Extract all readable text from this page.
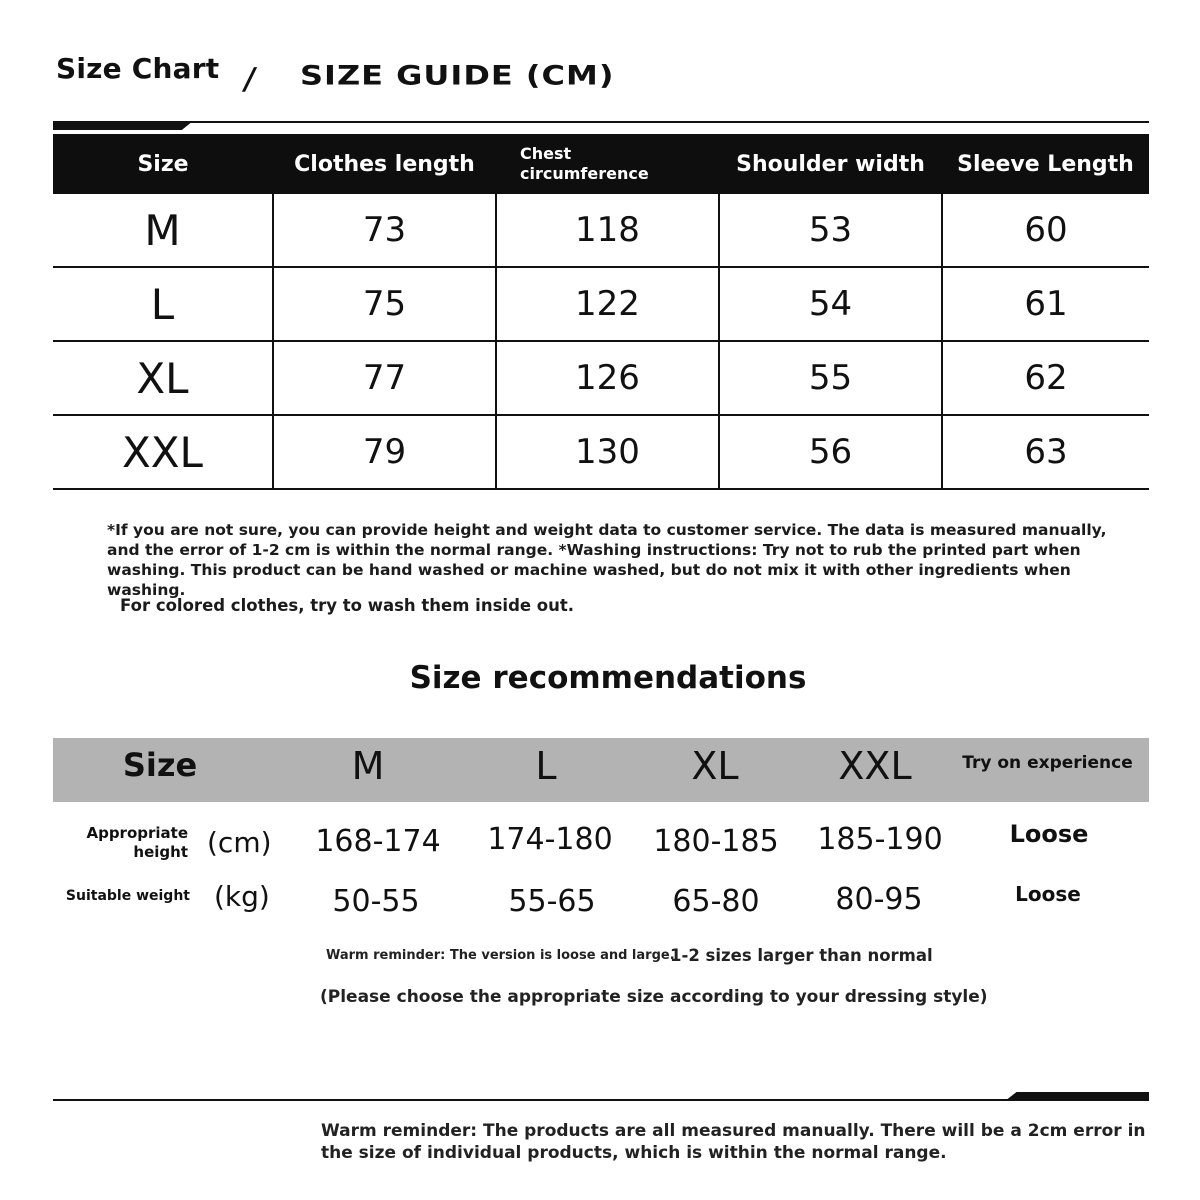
Size Chart / SIZE GUIDE (CM)
Size	Clothes length	Chest circumference	Shoulder width	Sleeve Length
M	73	118	53	60
L	75	122	54	61
XL	77	126	55	62
XXL	79	130	56	63
*If you are not sure, you can provide height and weight data to customer service. The data is measured manually, and the error of 1-2 cm is within the normal range. *Washing instructions: Try not to rub the printed part when washing. This product can be hand washed or machine washed, but do not mix it with other ingredients when washing.
For colored clothes, try to wash them inside out.
Size recommendations
Size	M	L	XL	XXL	Try on experience
Appropriate height (cm)	168-174	174-180	180-185	185-190	Loose
Suitable weight (kg)	50-55	55-65	65-80	80-95	Loose
Warm reminder: The version is loose and large.
1-2 sizes larger than normal
(Please choose the appropriate size according to your dressing style)
Warm reminder: The products are all measured manually. There will be a 2cm error in the size of individual products, which is within the normal range.
